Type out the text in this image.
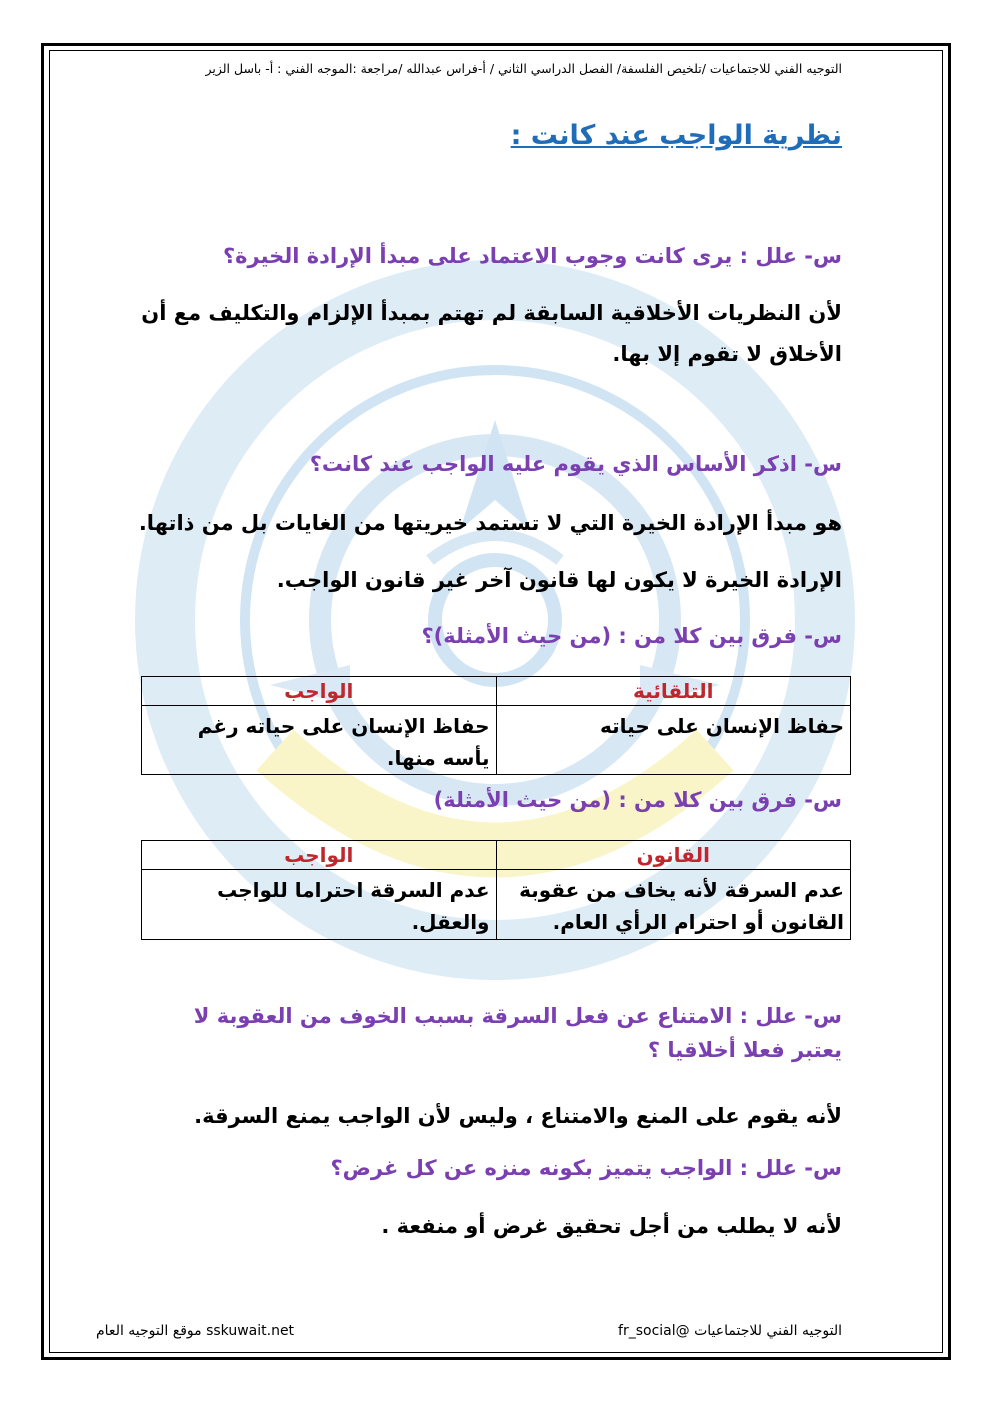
التوجيه الفني للاجتماعيات /تلخيص الفلسفة/ الفصل الدراسي الثاني / أ-فراس عبدالله /مراجعة :الموجه الفني : أ- باسل الزير
نظرية الواجب عند كانت :
س- علل : يرى كانت وجوب الاعتماد على مبدأ الإرادة الخيرة؟
لأن النظريات الأخلاقية السابقة لم تهتم بمبدأ الإلزام والتكليف مع أن الأخلاق لا تقوم إلا بها.
س- اذكر الأساس الذي يقوم عليه الواجب عند كانت؟
هو مبدأ الإرادة الخيرة التي لا تستمد خيريتها من الغايات بل من ذاتها.
الإرادة الخيرة لا يكون لها قانون آخر غير قانون الواجب.
س- فرق بين كلا من : (من حيث الأمثلة)؟
التلقائية	الواجب
حفاظ الإنسان على حياته	حفاظ الإنسان على حياته رغم يأسه منها.
س- فرق بين كلا من : (من حيث الأمثلة)
القانون	الواجب
عدم السرقة لأنه يخاف من عقوبة القانون أو احترام الرأي العام.	عدم السرقة احتراما للواجب والعقل.
س- علل : الامتناع عن فعل السرقة بسبب الخوف من العقوبة لا يعتبر فعلا أخلاقيا ؟
لأنه يقوم على المنع والامتناع ، وليس لأن الواجب يمنع السرقة.
س- علل : الواجب يتميز بكونه منزه عن كل غرض؟
لأنه لا يطلب من أجل تحقيق غرض أو منفعة .
التوجيه الفني للاجتماعيات @fr_social
sskuwait.net موقع التوجيه العام
